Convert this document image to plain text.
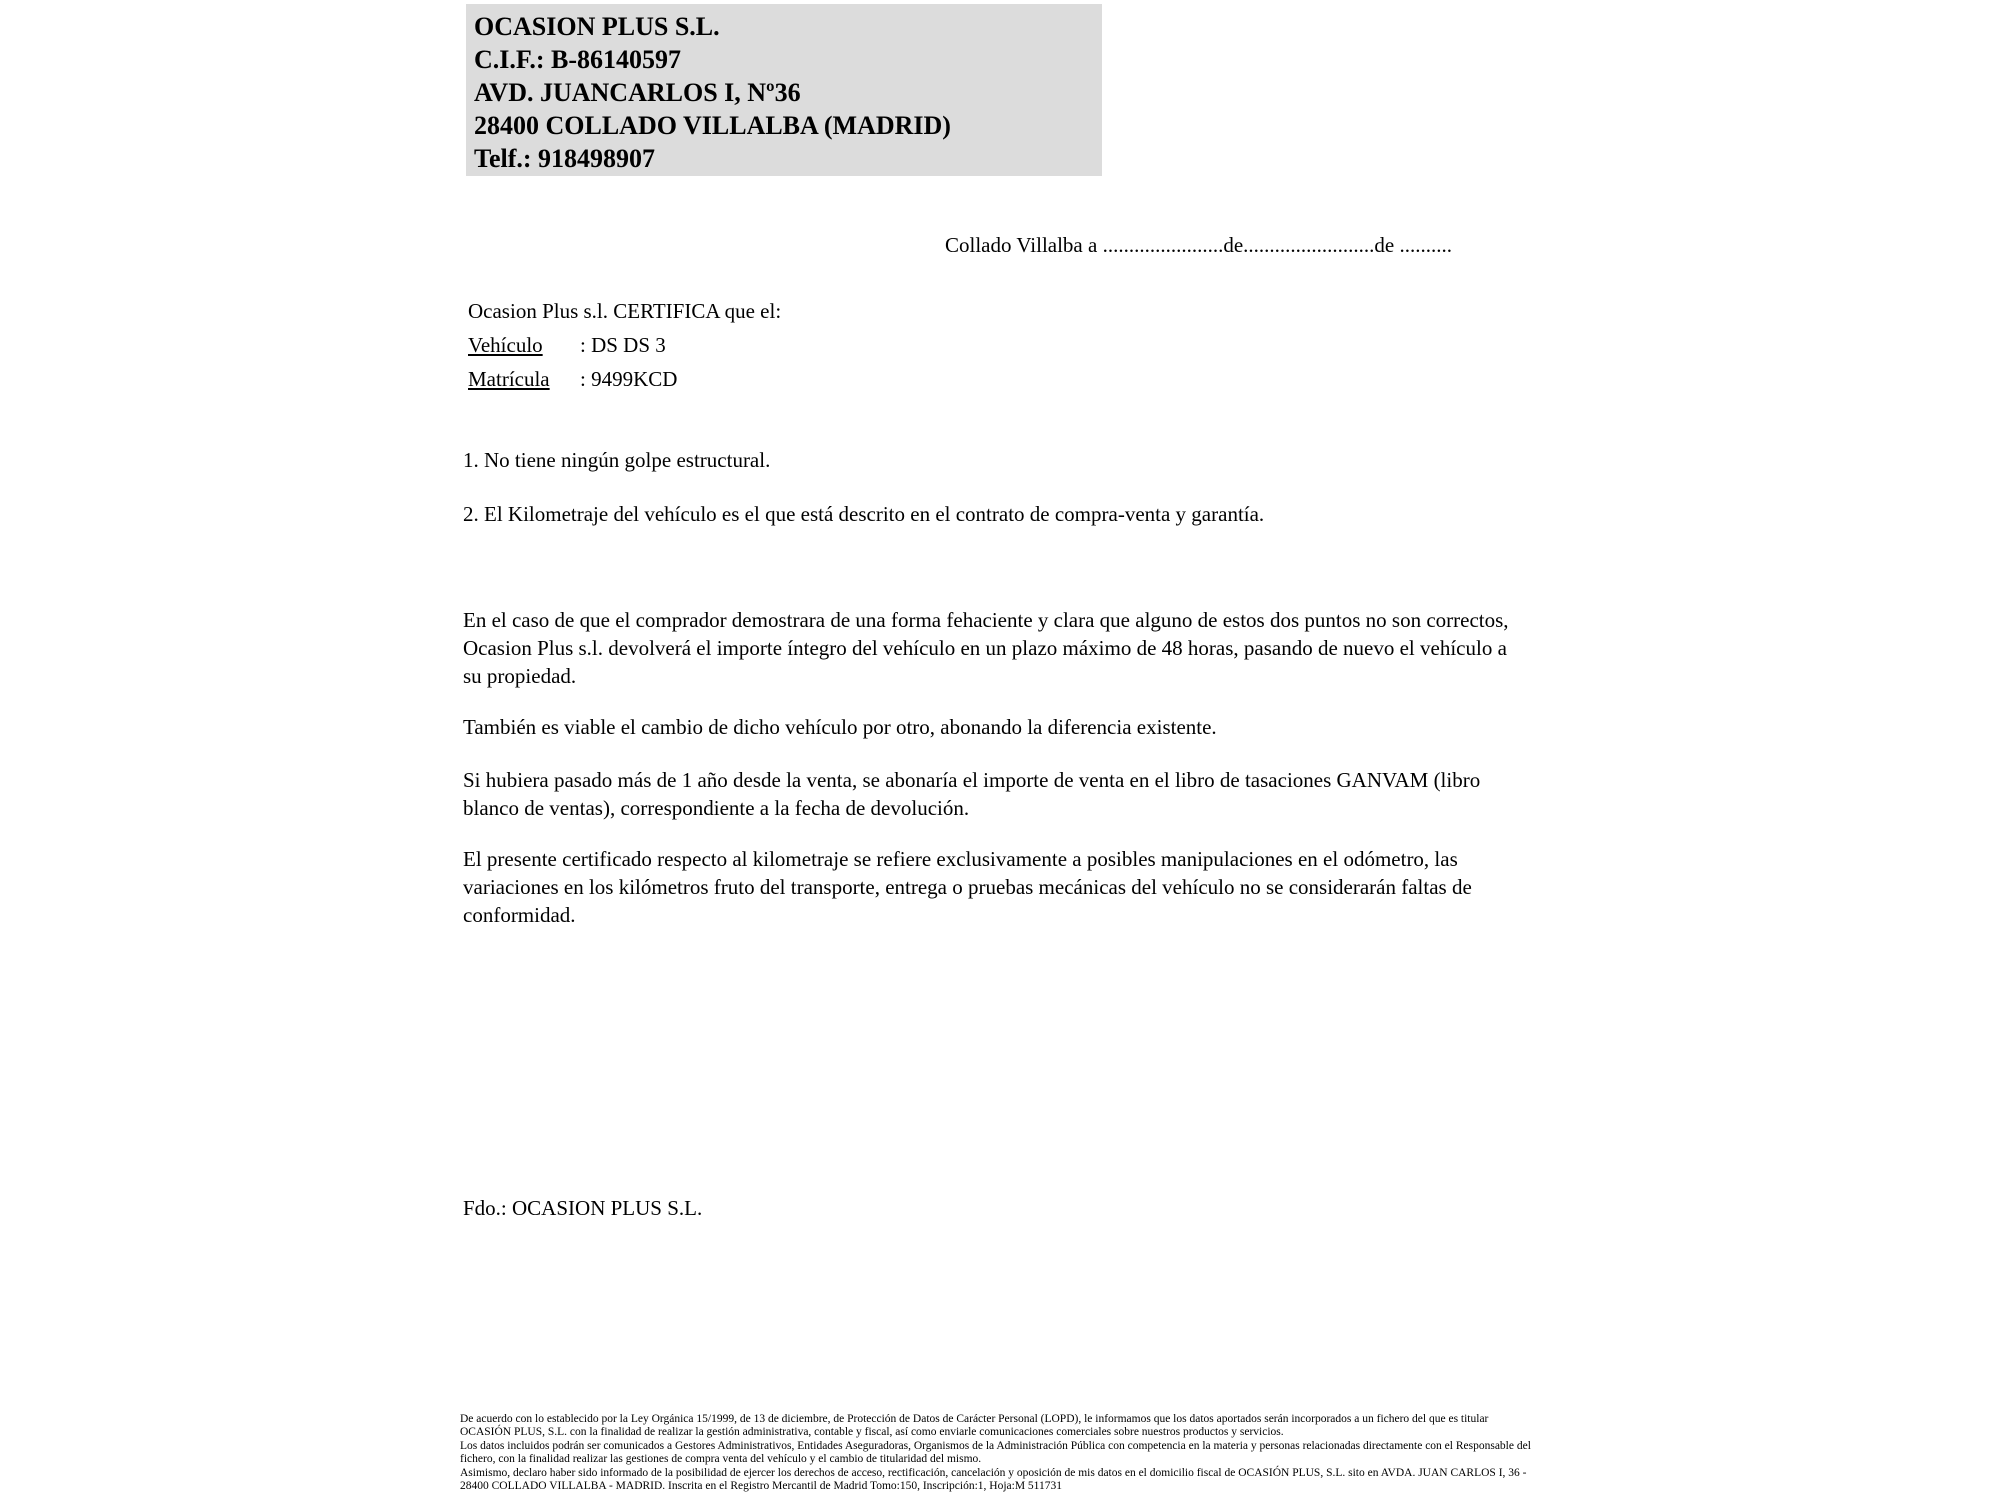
OCASION PLUS S.L.
C.I.F.: B-86140597
AVD. JUANCARLOS I, Nº36
28400 COLLADO VILLALBA (MADRID)
Telf.: 918498907
Collado Villalba a .......................de.........................de ..........
Ocasion Plus s.l. CERTIFICA que el:
Vehículo : DS DS 3
Matrícula : 9499KCD
1. No tiene ningún golpe estructural.
2. El Kilometraje del vehículo es el que está descrito en el contrato de compra-venta y garantía.
En el caso de que el comprador demostrara de una forma fehaciente y clara que alguno de estos dos puntos no son correctos, Ocasion Plus s.l. devolverá el importe íntegro del vehículo en un plazo máximo de 48 horas, pasando de nuevo el vehículo a su propiedad.
También es viable el cambio de dicho vehículo por otro, abonando la diferencia existente.
Si hubiera pasado más de 1 año desde la venta, se abonaría el importe de venta en el libro de tasaciones GANVAM (libro blanco de ventas), correspondiente a la fecha de devolución.
El presente certificado respecto al kilometraje se refiere exclusivamente a posibles manipulaciones en el odómetro, las variaciones en los kilómetros fruto del transporte, entrega o pruebas mecánicas del vehículo no se considerarán faltas de conformidad.
Fdo.: OCASION PLUS S.L.
De acuerdo con lo establecido por la Ley Orgánica 15/1999, de 13 de diciembre, de Protección de Datos de Carácter Personal (LOPD), le informamos que los datos aportados serán incorporados a un fichero del que es titular OCASIÓN PLUS, S.L. con la finalidad de realizar la gestión administrativa, contable y fiscal, así como enviarle comunicaciones comerciales sobre nuestros productos y servicios.
Los datos incluidos podrán ser comunicados a Gestores Administrativos, Entidades Aseguradoras, Organismos de la Administración Pública con competencia en la materia y personas relacionadas directamente con el Responsable del fichero, con la finalidad realizar las gestiones de compra venta del vehículo y el cambio de titularidad del mismo.
Asimismo, declaro haber sido informado de la posibilidad de ejercer los derechos de acceso, rectificación, cancelación y oposición de mis datos en el domicilio fiscal de OCASIÓN PLUS, S.L. sito en AVDA. JUAN CARLOS I, 36 - 28400 COLLADO VILLALBA - MADRID. Inscrita en el Registro Mercantil de Madrid Tomo:150, Inscripción:1, Hoja:M 511731
